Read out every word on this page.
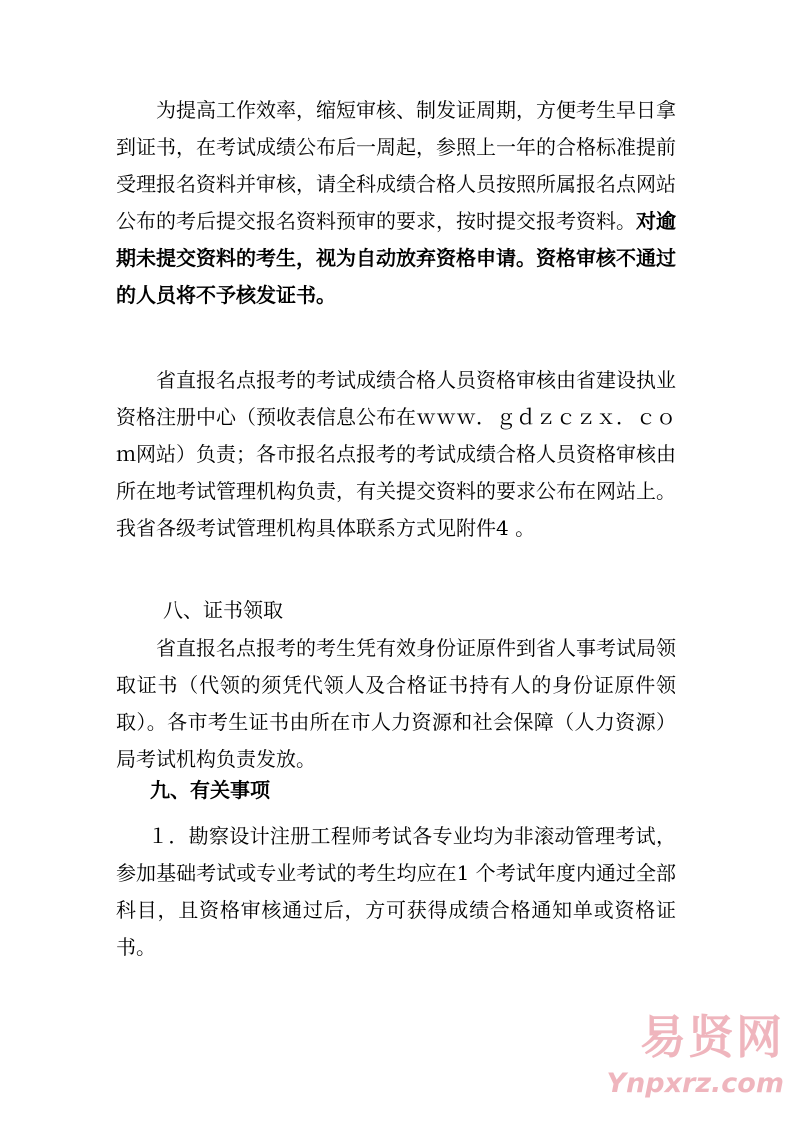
为提高工作效率，缩短审核、制发证周期，方便考生早日拿到证书，在考试成绩公布后一周起，参照上一年的合格标准提前受理报名资料并审核，请全科成绩合格人员按照所属报名点网站公布的考后提交报名资料预审的要求，按时提交报考资料。对逾期未提交资料的考生，视为自动放弃资格申请。资格审核不通过的人员将不予核发证书。

省直报名点报考的考试成绩合格人员资格审核由省建设执业资格注册中心（预收表信息公布在ｗｗｗ．ｇｄｚｃｚｘ．ｃｏｍ网站）负责；各市报名点报考的考试成绩合格人员资格审核由所在地考试管理机构负责，有关提交资料的要求公布在网站上。我省各级考试管理机构具体联系方式见附件4 。

八、证书领取

省直报名点报考的考生凭有效身份证原件到省人事考试局领取证书（代领的须凭代领人及合格证书持有人的身份证原件领取）。各市考生证书由所在市人力资源和社会保障（人力资源）局考试机构负责发放。

九、有关事项

１．勘察设计注册工程师考试各专业均为非滚动管理考试，参加基础考试或专业考试的考生均应在1 个考试年度内通过全部科目，且资格审核通过后，方可获得成绩合格通知单或资格证书。

易贤网
Ynpxrz.com
